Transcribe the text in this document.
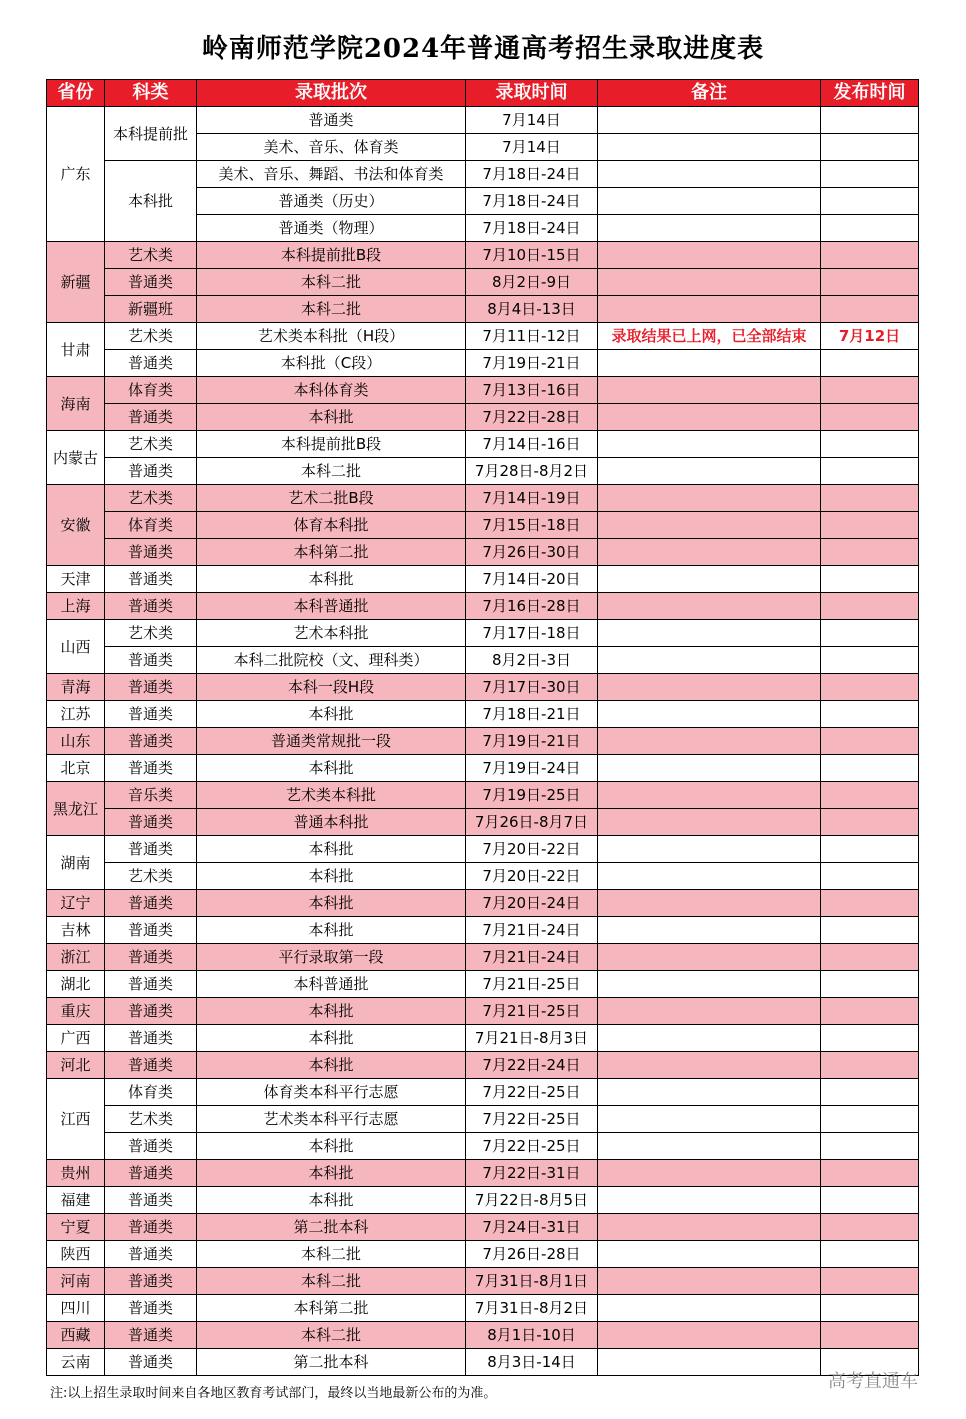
岭南师范学院2024年普通高考招生录取进度表
省份	科类	录取批次	录取时间	备注	发布时间
广东	本科提前批	普通类	7月14日		
		美术、音乐、体育类	7月14日		
	本科批	美术、音乐、舞蹈、书法和体育类	7月18日-24日		
		普通类（历史）	7月18日-24日		
		普通类（物理）	7月18日-24日		
新疆	艺术类	本科提前批B段	7月10日-15日		
	普通类	本科二批	8月2日-9日		
	新疆班	本科二批	8月4日-13日		
甘肃	艺术类	艺术类本科批（H段）	7月11日-12日	录取结果已上网，已全部结束	7月12日
	普通类	本科批（C段）	7月19日-21日		
海南	体育类	本科体育类	7月13日-16日		
	普通类	本科批	7月22日-28日		
内蒙古	艺术类	本科提前批B段	7月14日-16日		
	普通类	本科二批	7月28日-8月2日		
安徽	艺术类	艺术二批B段	7月14日-19日		
	体育类	体育本科批	7月15日-18日		
	普通类	本科第二批	7月26日-30日		
天津	普通类	本科批	7月14日-20日		
上海	普通类	本科普通批	7月16日-28日		
山西	艺术类	艺术本科批	7月17日-18日		
	普通类	本科二批院校（文、理科类）	8月2日-3日		
青海	普通类	本科一段H段	7月17日-30日		
江苏	普通类	本科批	7月18日-21日		
山东	普通类	普通类常规批一段	7月19日-21日		
北京	普通类	本科批	7月19日-24日		
黑龙江	音乐类	艺术类本科批	7月19日-25日		
	普通类	普通本科批	7月26日-8月7日		
湖南	普通类	本科批	7月20日-22日		
	艺术类	本科批	7月20日-22日		
辽宁	普通类	本科批	7月20日-24日		
吉林	普通类	本科批	7月21日-24日		
浙江	普通类	平行录取第一段	7月21日-24日		
湖北	普通类	本科普通批	7月21日-25日		
重庆	普通类	本科批	7月21日-25日		
广西	普通类	本科批	7月21日-8月3日		
河北	普通类	本科批	7月22日-24日		
江西	体育类	体育类本科平行志愿	7月22日-25日		
	艺术类	艺术类本科平行志愿	7月22日-25日		
	普通类	本科批	7月22日-25日		
贵州	普通类	本科批	7月22日-31日		
福建	普通类	本科批	7月22日-8月5日		
宁夏	普通类	第二批本科	7月24日-31日		
陕西	普通类	本科二批	7月26日-28日		
河南	普通类	本科二批	7月31日-8月1日		
四川	普通类	本科第二批	7月31日-8月2日		
西藏	普通类	本科二批	8月1日-10日		
云南	普通类	第二批本科	8月3日-14日		
注:以上招生录取时间来自各地区教育考试部门，最终以当地最新公布的为准。
高考直通车
